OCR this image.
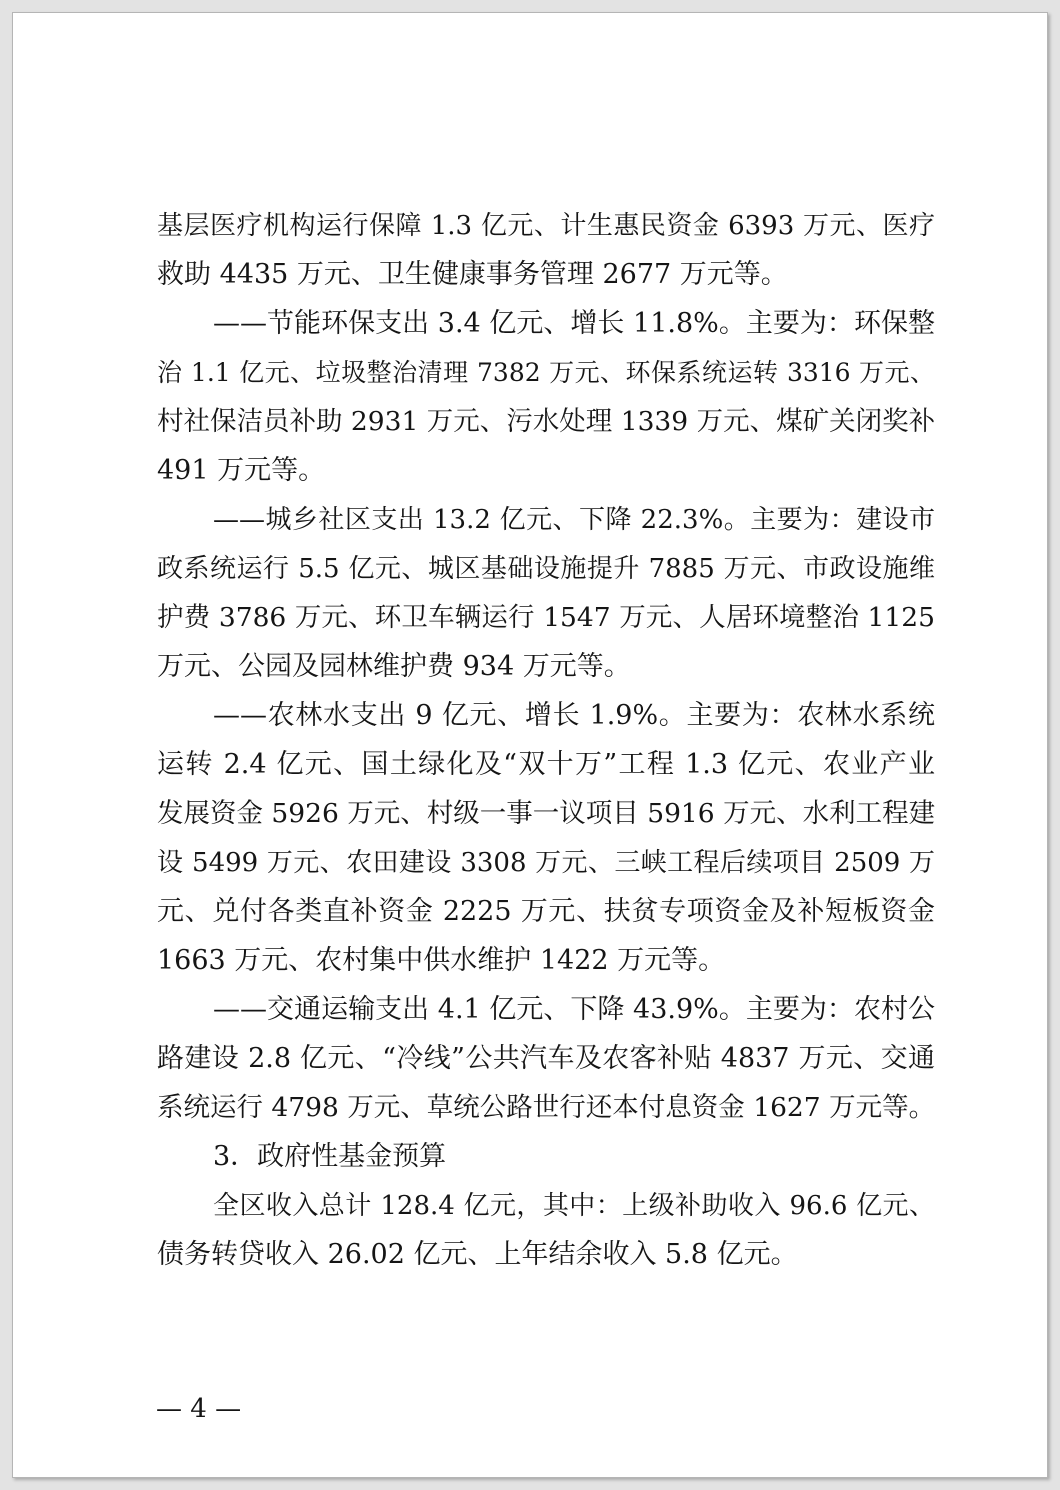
基层医疗机构运行保障 1.3 亿元、计生惠民资金 6393 万元、医疗
救助 4435 万元、卫生健康事务管理 2677 万元等。
——节能环保支出 3.4 亿元、增长 11.8%。主要为：环保整
治 1.1 亿元、垃圾整治清理 7382 万元、环保系统运转 3316 万元、
村社保洁员补助 2931 万元、污水处理 1339 万元、煤矿关闭奖补
491 万元等。
——城乡社区支出 13.2 亿元、下降 22.3%。主要为：建设市
政系统运行 5.5 亿元、城区基础设施提升 7885 万元、市政设施维
护费 3786 万元、环卫车辆运行 1547 万元、人居环境整治 1125
万元、公园及园林维护费 934 万元等。
——农林水支出 9 亿元、增长 1.9%。主要为：农林水系统
运转 2.4 亿元、国土绿化及“双十万”工程 1.3 亿元、农业产业
发展资金 5926 万元、村级一事一议项目 5916 万元、水利工程建
设 5499 万元、农田建设 3308 万元、三峡工程后续项目 2509 万
元、兑付各类直补资金 2225 万元、扶贫专项资金及补短板资金
1663 万元、农村集中供水维护 1422 万元等。
——交通运输支出 4.1 亿元、下降 43.9%。主要为：农村公
路建设 2.8 亿元、“冷线”公共汽车及农客补贴 4837 万元、交通
系统运行 4798 万元、草统公路世行还本付息资金 1627 万元等。
3．政府性基金预算
全区收入总计 128.4 亿元，其中：上级补助收入 96.6 亿元、
债务转贷收入 26.02 亿元、上年结余收入 5.8 亿元。
— 4 —
